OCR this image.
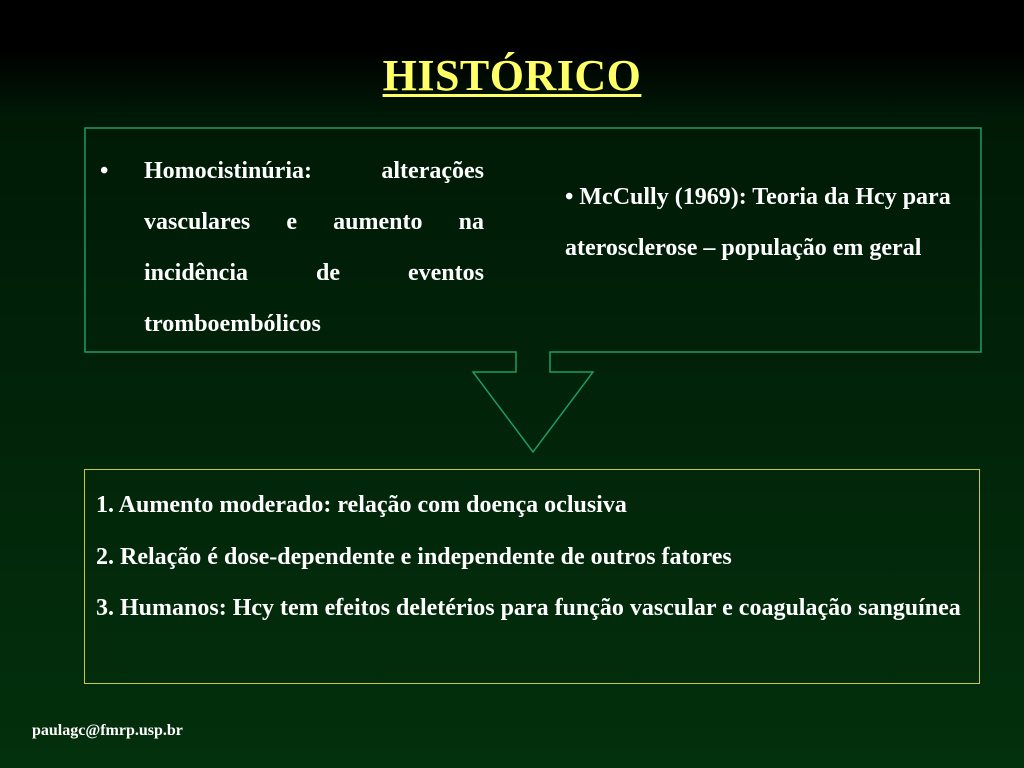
HISTÓRICO
•	Homocistinúria: alterações vasculares e aumento na incidência de eventos tromboembólicos
• McCully (1969): Teoria da Hcy para aterosclerose – população em geral
1. Aumento moderado: relação com doença oclusiva
2. Relação é dose-dependente e independente de outros fatores
3. Humanos: Hcy tem efeitos deletérios para função vascular e coagulação sanguínea
paulagc@fmrp.usp.br
